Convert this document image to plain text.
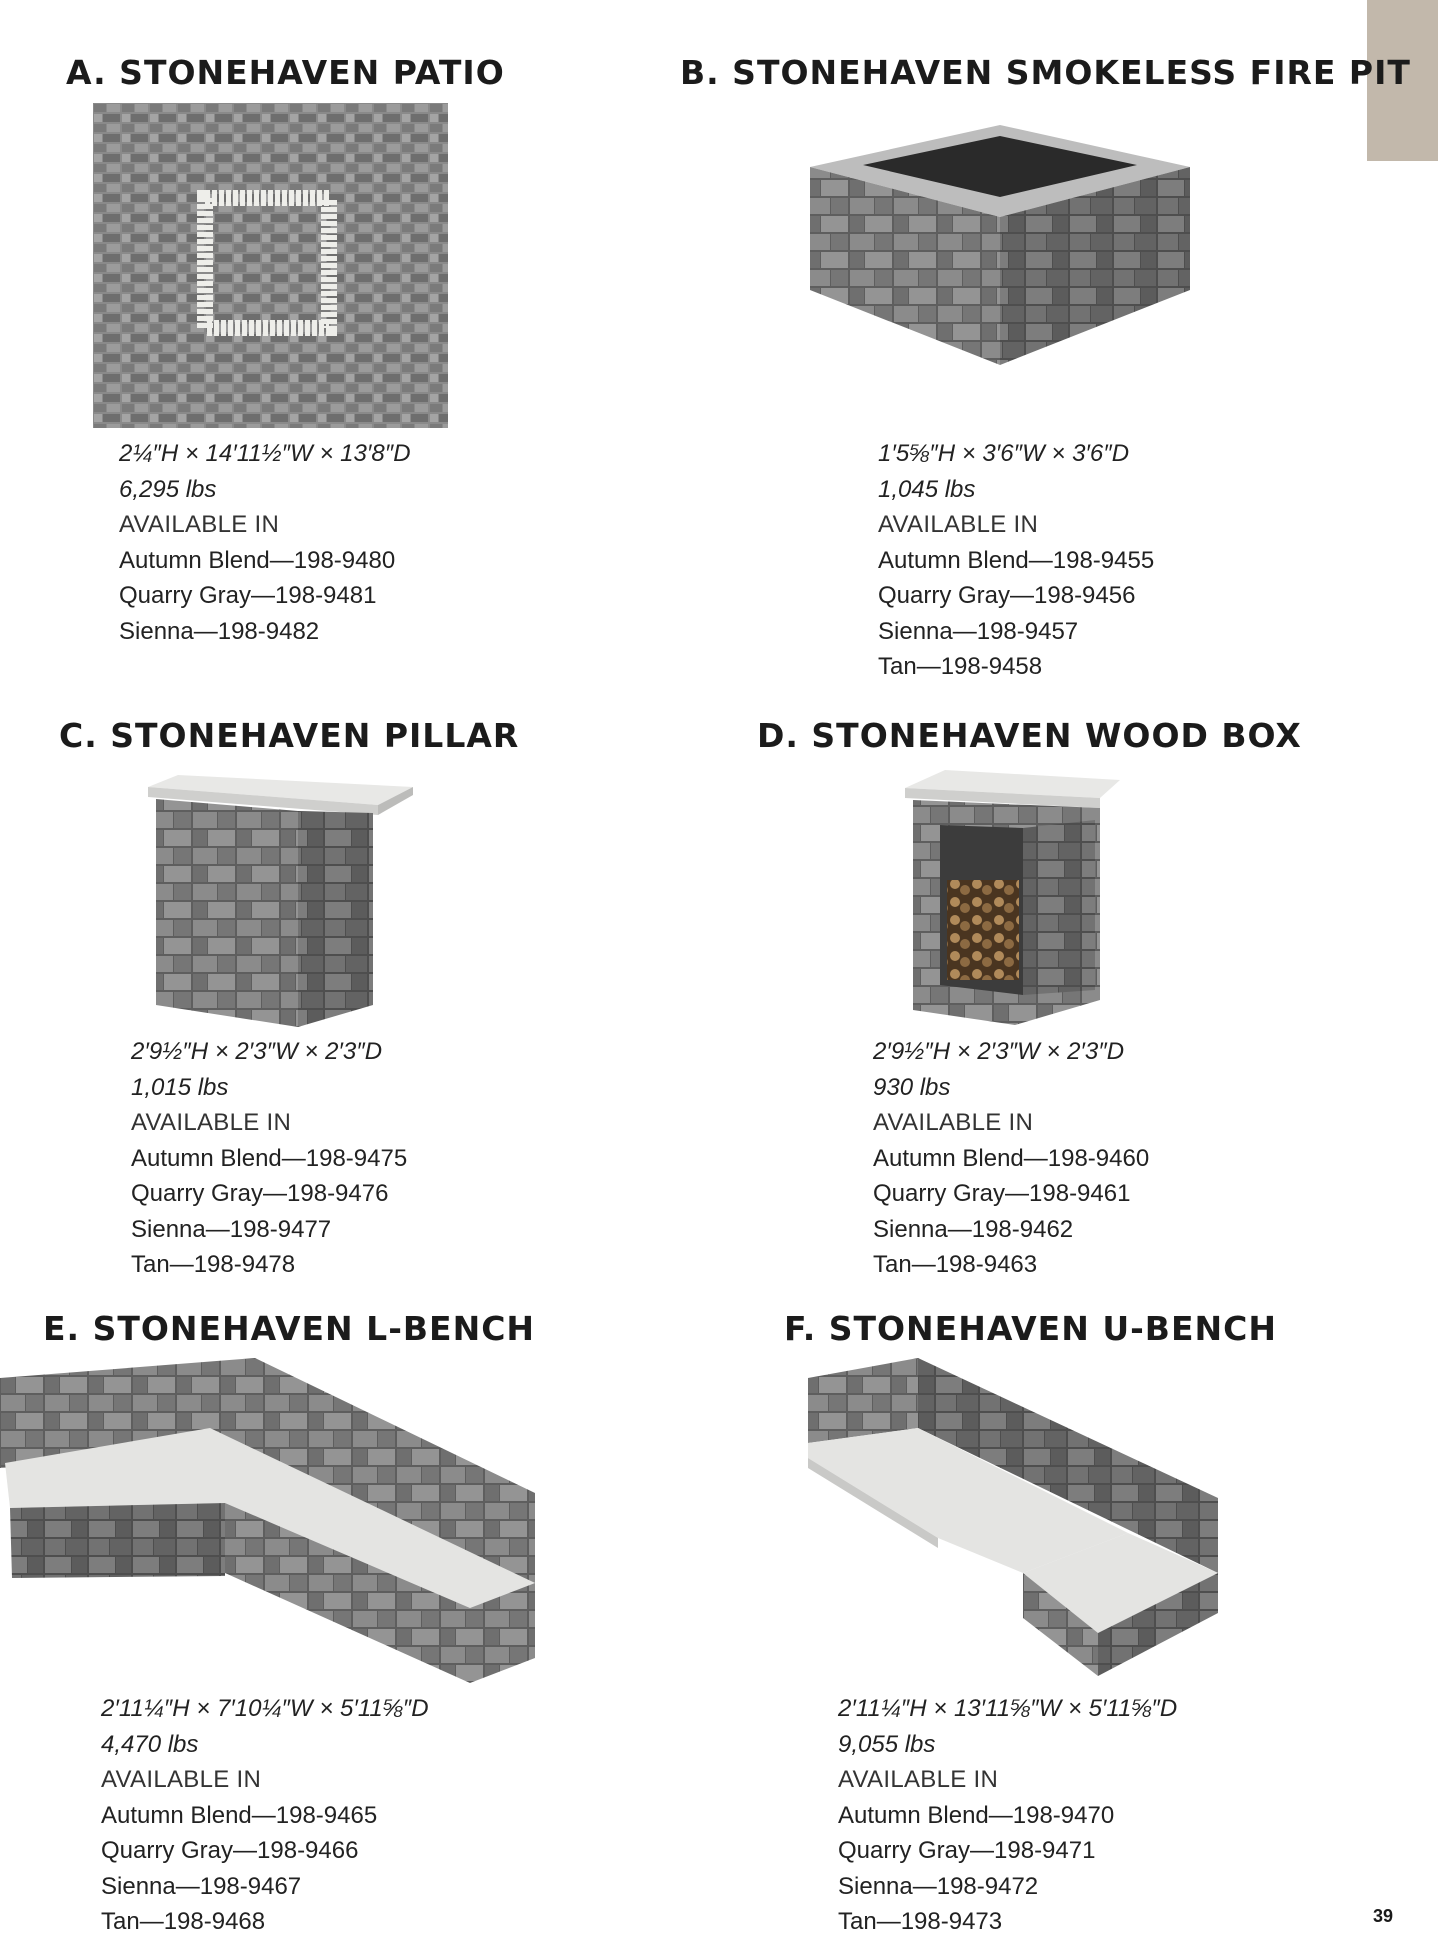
A. STONEHAVEN PATIO
2¼″H × 14′11½″W × 13′8″D
6,295 lbs
AVAILABLE IN
Autumn Blend—198-9480
Quarry Gray—198-9481
Sienna—198-9482
B. STONEHAVEN SMOKELESS FIRE PIT
1′5⅝″H × 3′6″W × 3′6″D
1,045 lbs
AVAILABLE IN
Autumn Blend—198-9455
Quarry Gray—198-9456
Sienna—198-9457
Tan—198-9458
C. STONEHAVEN PILLAR
2′9½″H × 2′3″W × 2′3″D
1,015 lbs
AVAILABLE IN
Autumn Blend—198-9475
Quarry Gray—198-9476
Sienna—198-9477
Tan—198-9478
D. STONEHAVEN WOOD BOX
2′9½″H × 2′3″W × 2′3″D
930 lbs
AVAILABLE IN
Autumn Blend—198-9460
Quarry Gray—198-9461
Sienna—198-9462
Tan—198-9463
E. STONEHAVEN L-BENCH
2′11¼″H × 7′10¼″W × 5′11⅝″D
4,470 lbs
AVAILABLE IN
Autumn Blend—198-9465
Quarry Gray—198-9466
Sienna—198-9467
Tan—198-9468
F. STONEHAVEN U-BENCH
2′11¼″H × 13′11⅝″W × 5′11⅝″D
9,055 lbs
AVAILABLE IN
Autumn Blend—198-9470
Quarry Gray—198-9471
Sienna—198-9472
Tan—198-9473	39
